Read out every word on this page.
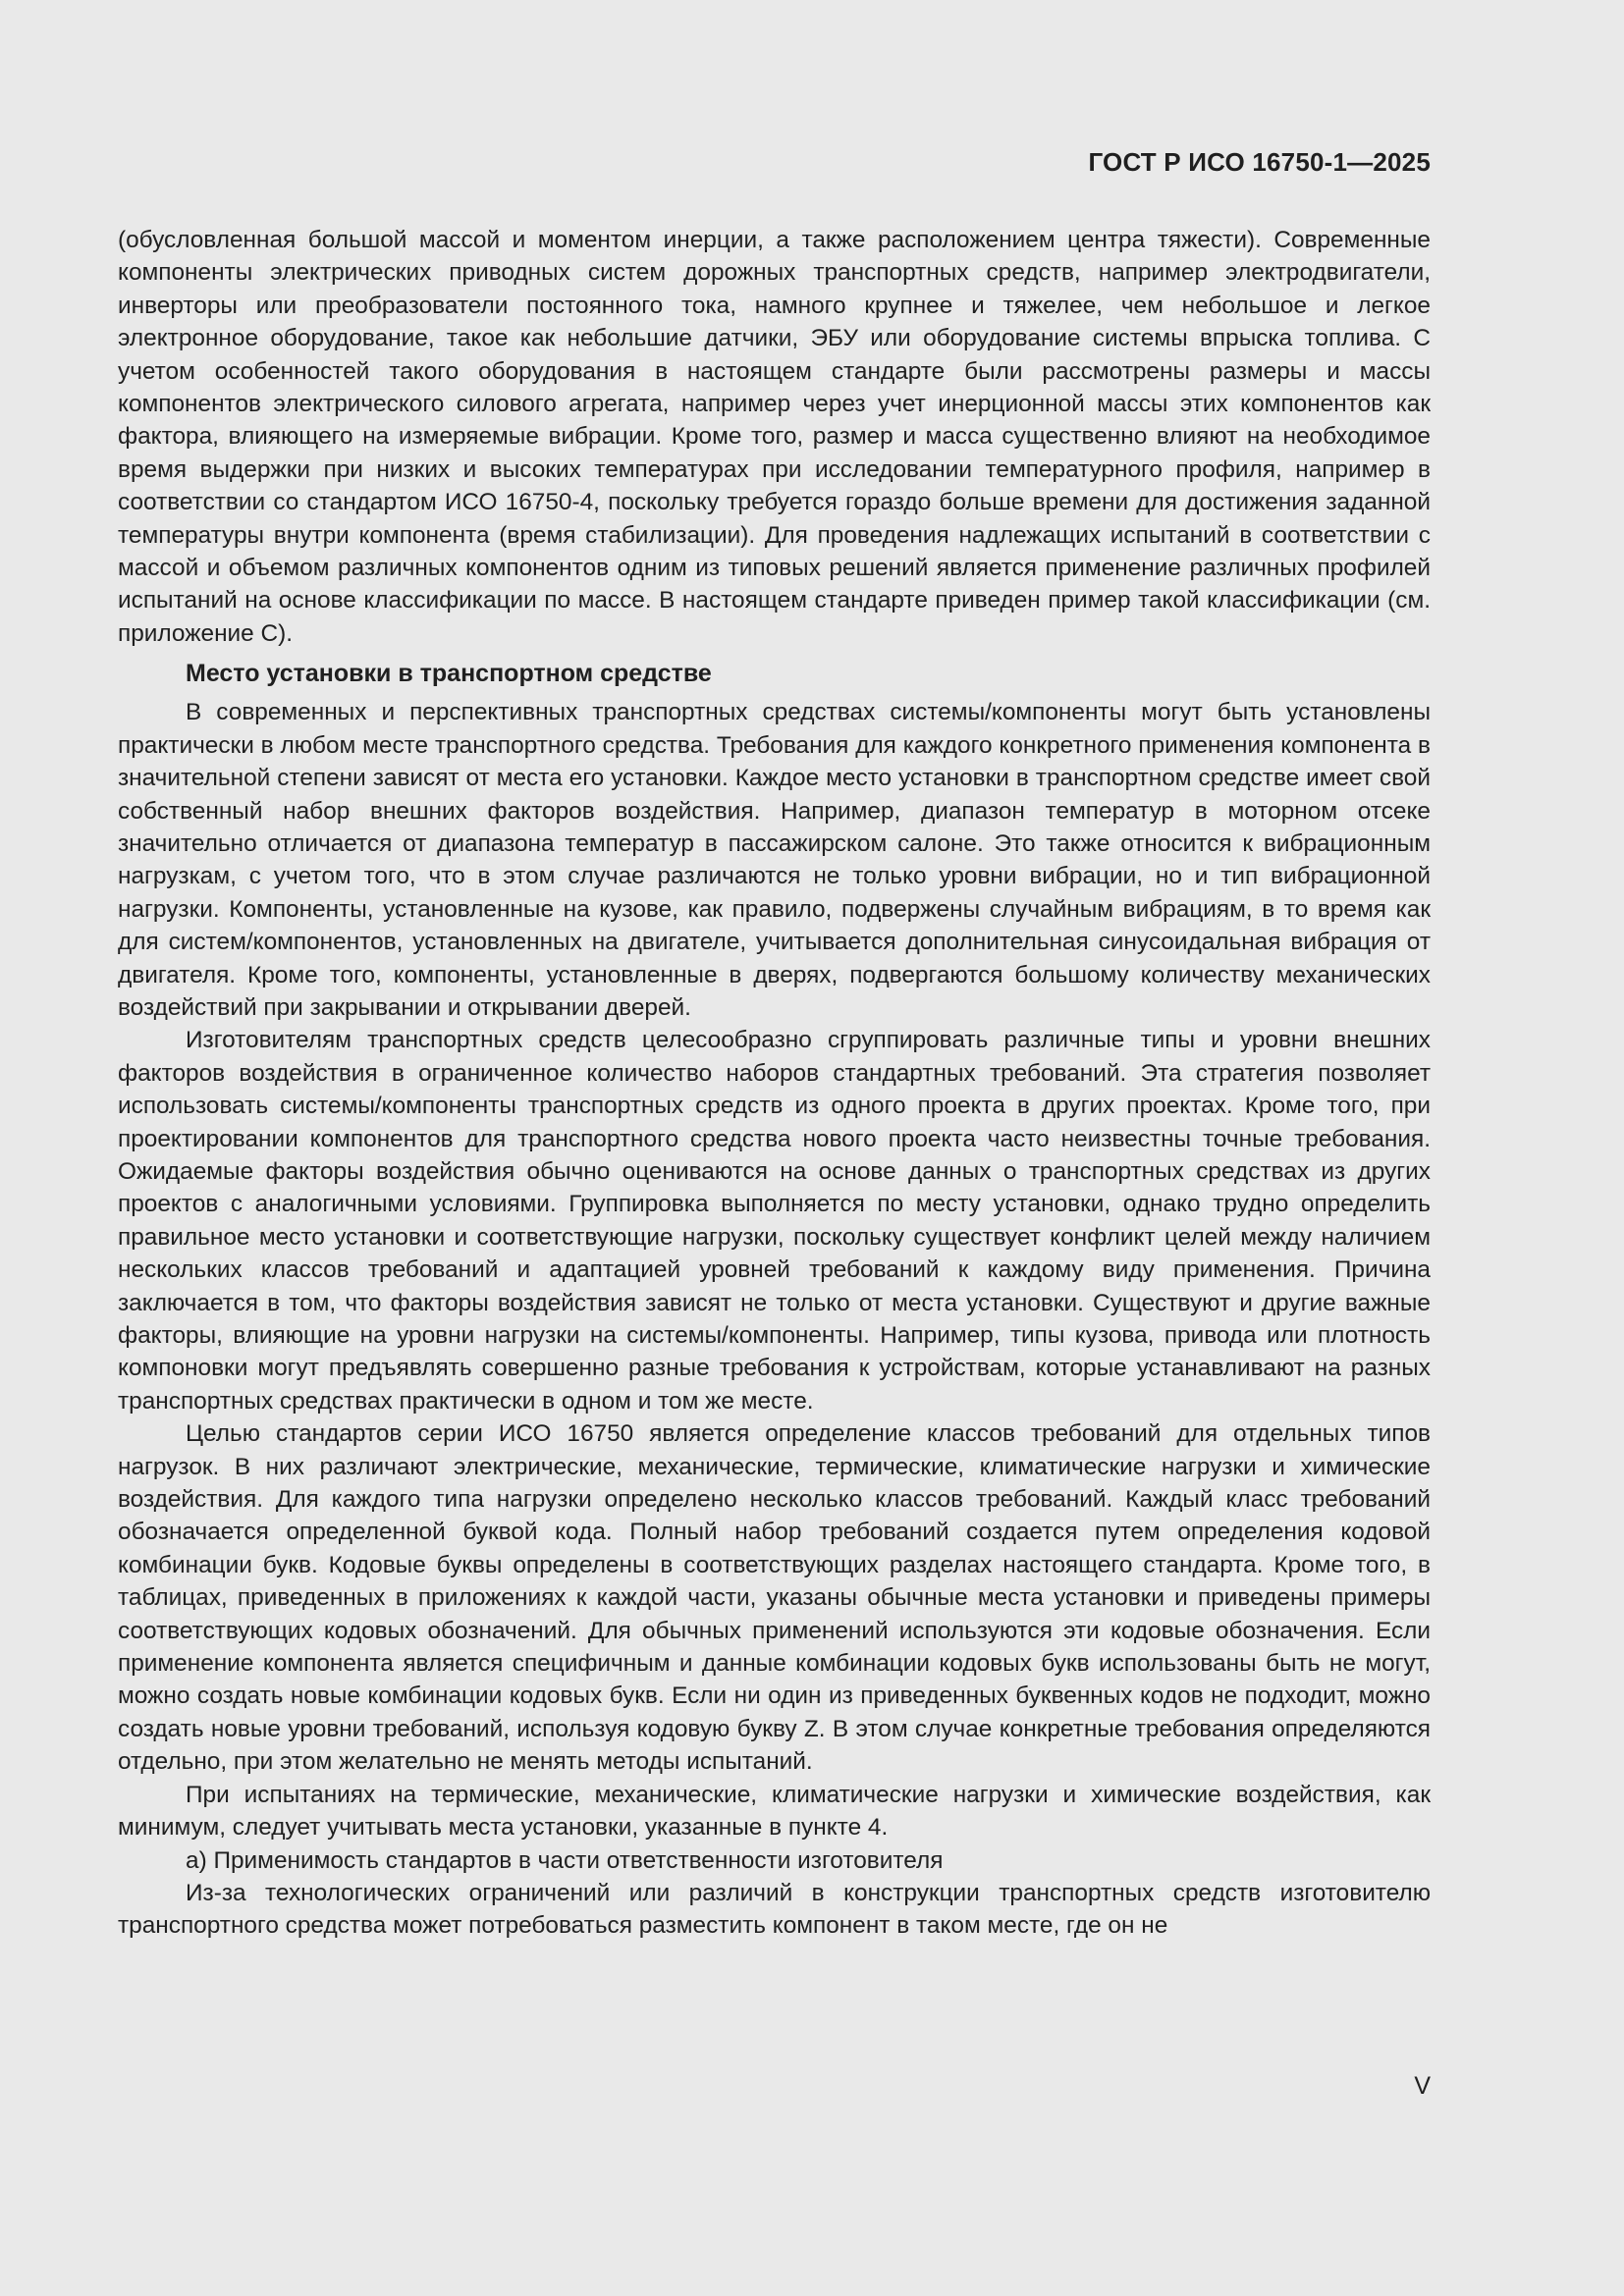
ГОСТ Р ИСО 16750-1—2025

(обусловленная большой массой и моментом инерции, а также расположением центра тяжести). Современные компоненты электрических приводных систем дорожных транспортных средств, например электродвигатели, инверторы или преобразователи постоянного тока, намного крупнее и тяжелее, чем небольшое и легкое электронное оборудование, такое как небольшие датчики, ЭБУ или оборудование системы впрыска топлива. С учетом особенностей такого оборудования в настоящем стандарте были рассмотрены размеры и массы компонентов электрического силового агрегата, например через учет инерционной массы этих компонентов как фактора, влияющего на измеряемые вибрации. Кроме того, размер и масса существенно влияют на необходимое время выдержки при низких и высоких температурах при исследовании температурного профиля, например в соответствии со стандартом ИСО 16750-4, поскольку требуется гораздо больше времени для достижения заданной температуры внутри компонента (время стабилизации). Для проведения надлежащих испытаний в соответствии с массой и объемом различных компонентов одним из типовых решений является применение различных профилей испытаний на основе классификации по массе. В настоящем стандарте приведен пример такой классификации (см. приложение С).

Место установки в транспортном средстве

В современных и перспективных транспортных средствах системы/компоненты могут быть установлены практически в любом месте транспортного средства. Требования для каждого конкретного применения компонента в значительной степени зависят от места его установки. Каждое место установки в транспортном средстве имеет свой собственный набор внешних факторов воздействия. Например, диапазон температур в моторном отсеке значительно отличается от диапазона температур в пассажирском салоне. Это также относится к вибрационным нагрузкам, с учетом того, что в этом случае различаются не только уровни вибрации, но и тип вибрационной нагрузки. Компоненты, установленные на кузове, как правило, подвержены случайным вибрациям, в то время как для систем/компонентов, установленных на двигателе, учитывается дополнительная синусоидальная вибрация от двигателя. Кроме того, компоненты, установленные в дверях, подвергаются большому количеству механических воздействий при закрывании и открывании дверей.

Изготовителям транспортных средств целесообразно сгруппировать различные типы и уровни внешних факторов воздействия в ограниченное количество наборов стандартных требований. Эта стратегия позволяет использовать системы/компоненты транспортных средств из одного проекта в других проектах. Кроме того, при проектировании компонентов для транспортного средства нового проекта часто неизвестны точные требования. Ожидаемые факторы воздействия обычно оцениваются на основе данных о транспортных средствах из других проектов с аналогичными условиями. Группировка выполняется по месту установки, однако трудно определить правильное место установки и соответствующие нагрузки, поскольку существует конфликт целей между наличием нескольких классов требований и адаптацией уровней требований к каждому виду применения. Причина заключается в том, что факторы воздействия зависят не только от места установки. Существуют и другие важные факторы, влияющие на уровни нагрузки на системы/компоненты. Например, типы кузова, привода или плотность компоновки могут предъявлять совершенно разные требования к устройствам, которые устанавливают на разных транспортных средствах практически в одном и том же месте.

Целью стандартов серии ИСО 16750 является определение классов требований для отдельных типов нагрузок. В них различают электрические, механические, термические, климатические нагрузки и химические воздействия. Для каждого типа нагрузки определено несколько классов требований. Каждый класс требований обозначается определенной буквой кода. Полный набор требований создается путем определения кодовой комбинации букв. Кодовые буквы определены в соответствующих разделах настоящего стандарта. Кроме того, в таблицах, приведенных в приложениях к каждой части, указаны обычные места установки и приведены примеры соответствующих кодовых обозначений. Для обычных применений используются эти кодовые обозначения. Если применение компонента является специфичным и данные комбинации кодовых букв использованы быть не могут, можно создать новые комбинации кодовых букв. Если ни один из приведенных буквенных кодов не подходит, можно создать новые уровни требований, используя кодовую букву Z. В этом случае конкретные требования определяются отдельно, при этом желательно не менять методы испытаний.

При испытаниях на термические, механические, климатические нагрузки и химические воздействия, как минимум, следует учитывать места установки, указанные в пункте 4.

a) Применимость стандартов в части ответственности изготовителя

Из-за технологических ограничений или различий в конструкции транспортных средств изготовителю транспортного средства может потребоваться разместить компонент в таком месте, где он не

V
